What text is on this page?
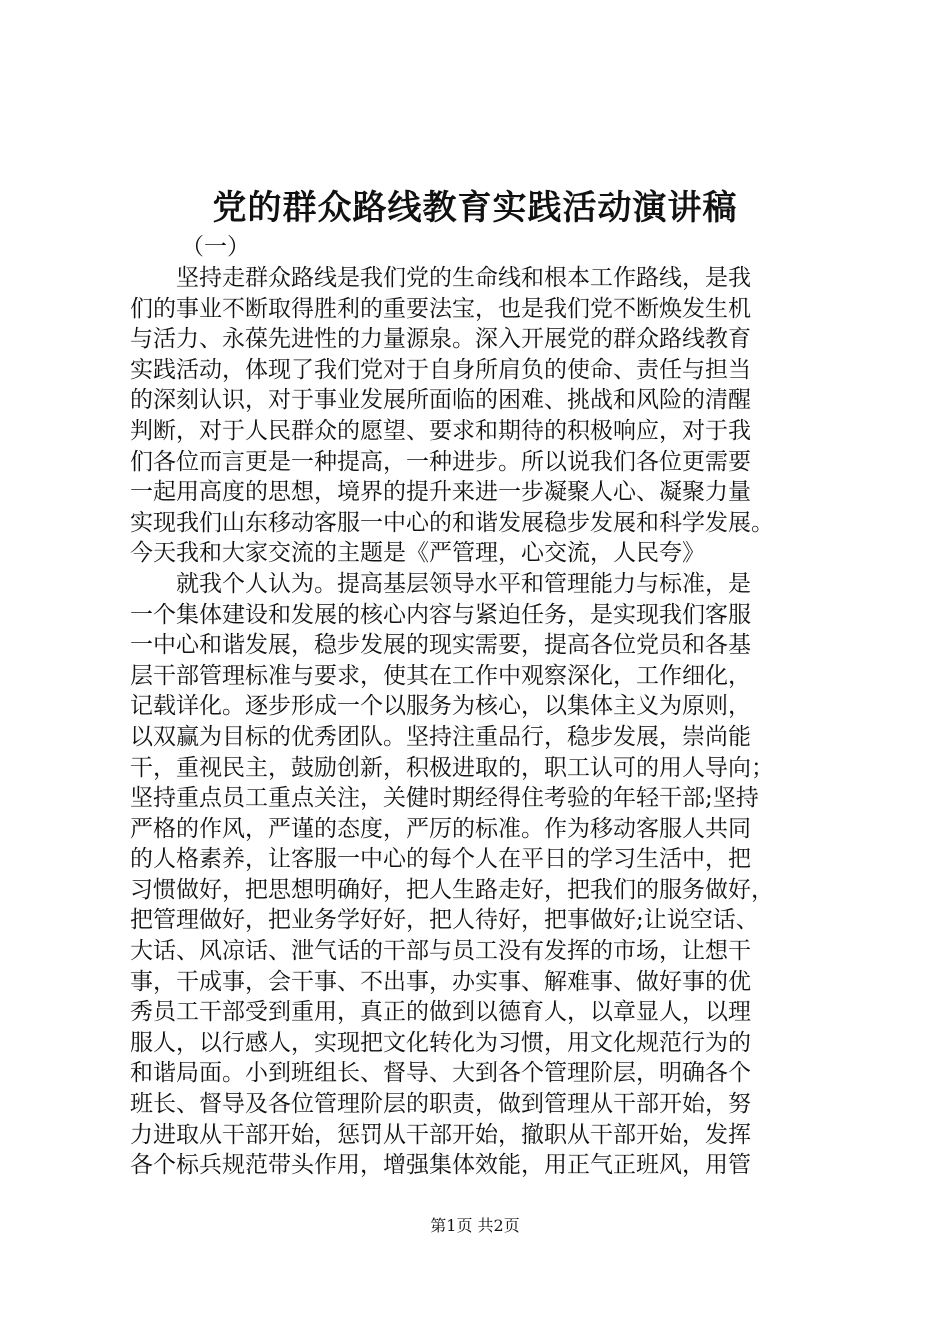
党的群众路线教育实践活动演讲稿
（一）
　　坚持走群众路线是我们党的生命线和根本工作路线，是我
们的事业不断取得胜利的重要法宝，也是我们党不断焕发生机
与活力、永葆先进性的力量源泉。深入开展党的群众路线教育
实践活动，体现了我们党对于自身所肩负的使命、责任与担当
的深刻认识，对于事业发展所面临的困难、挑战和风险的清醒
判断，对于人民群众的愿望、要求和期待的积极响应，对于我
们各位而言更是一种提高，一种进步。所以说我们各位更需要
一起用高度的思想，境界的提升来进一步凝聚人心、凝聚力量
实现我们山东移动客服一中心的和谐发展稳步发展和科学发展。
今天我和大家交流的主题是《严管理，心交流，人民夸》
　　就我个人认为。提高基层领导水平和管理能力与标准，是
一个集体建设和发展的核心内容与紧迫任务，是实现我们客服
一中心和谐发展，稳步发展的现实需要，提高各位党员和各基
层干部管理标准与要求，使其在工作中观察深化，工作细化，
记载详化。逐步形成一个以服务为核心，以集体主义为原则，
以双赢为目标的优秀团队。坚持注重品行，稳步发展，崇尚能
干，重视民主，鼓励创新，积极进取的，职工认可的用人导向；
坚持重点员工重点关注，关健时期经得住考验的年轻干部;坚持
严格的作风，严谨的态度，严厉的标准。作为移动客服人共同
的人格素养，让客服一中心的每个人在平日的学习生活中，把
习惯做好，把思想明确好，把人生路走好，把我们的服务做好，
把管理做好，把业务学好好，把人待好，把事做好;让说空话、
大话、风凉话、泄气话的干部与员工没有发挥的市场，让想干
事，干成事，会干事、不出事，办实事、解难事、做好事的优
秀员工干部受到重用，真正的做到以德育人，以章显人，以理
服人，以行感人，实现把文化转化为习惯，用文化规范行为的
和谐局面。小到班组长、督导、大到各个管理阶层，明确各个
班长、督导及各位管理阶层的职责，做到管理从干部开始，努
力进取从干部开始，惩罚从干部开始，撤职从干部开始，发挥
各个标兵规范带头作用，增强集体效能，用正气正班风，用管
第1页 共2页
